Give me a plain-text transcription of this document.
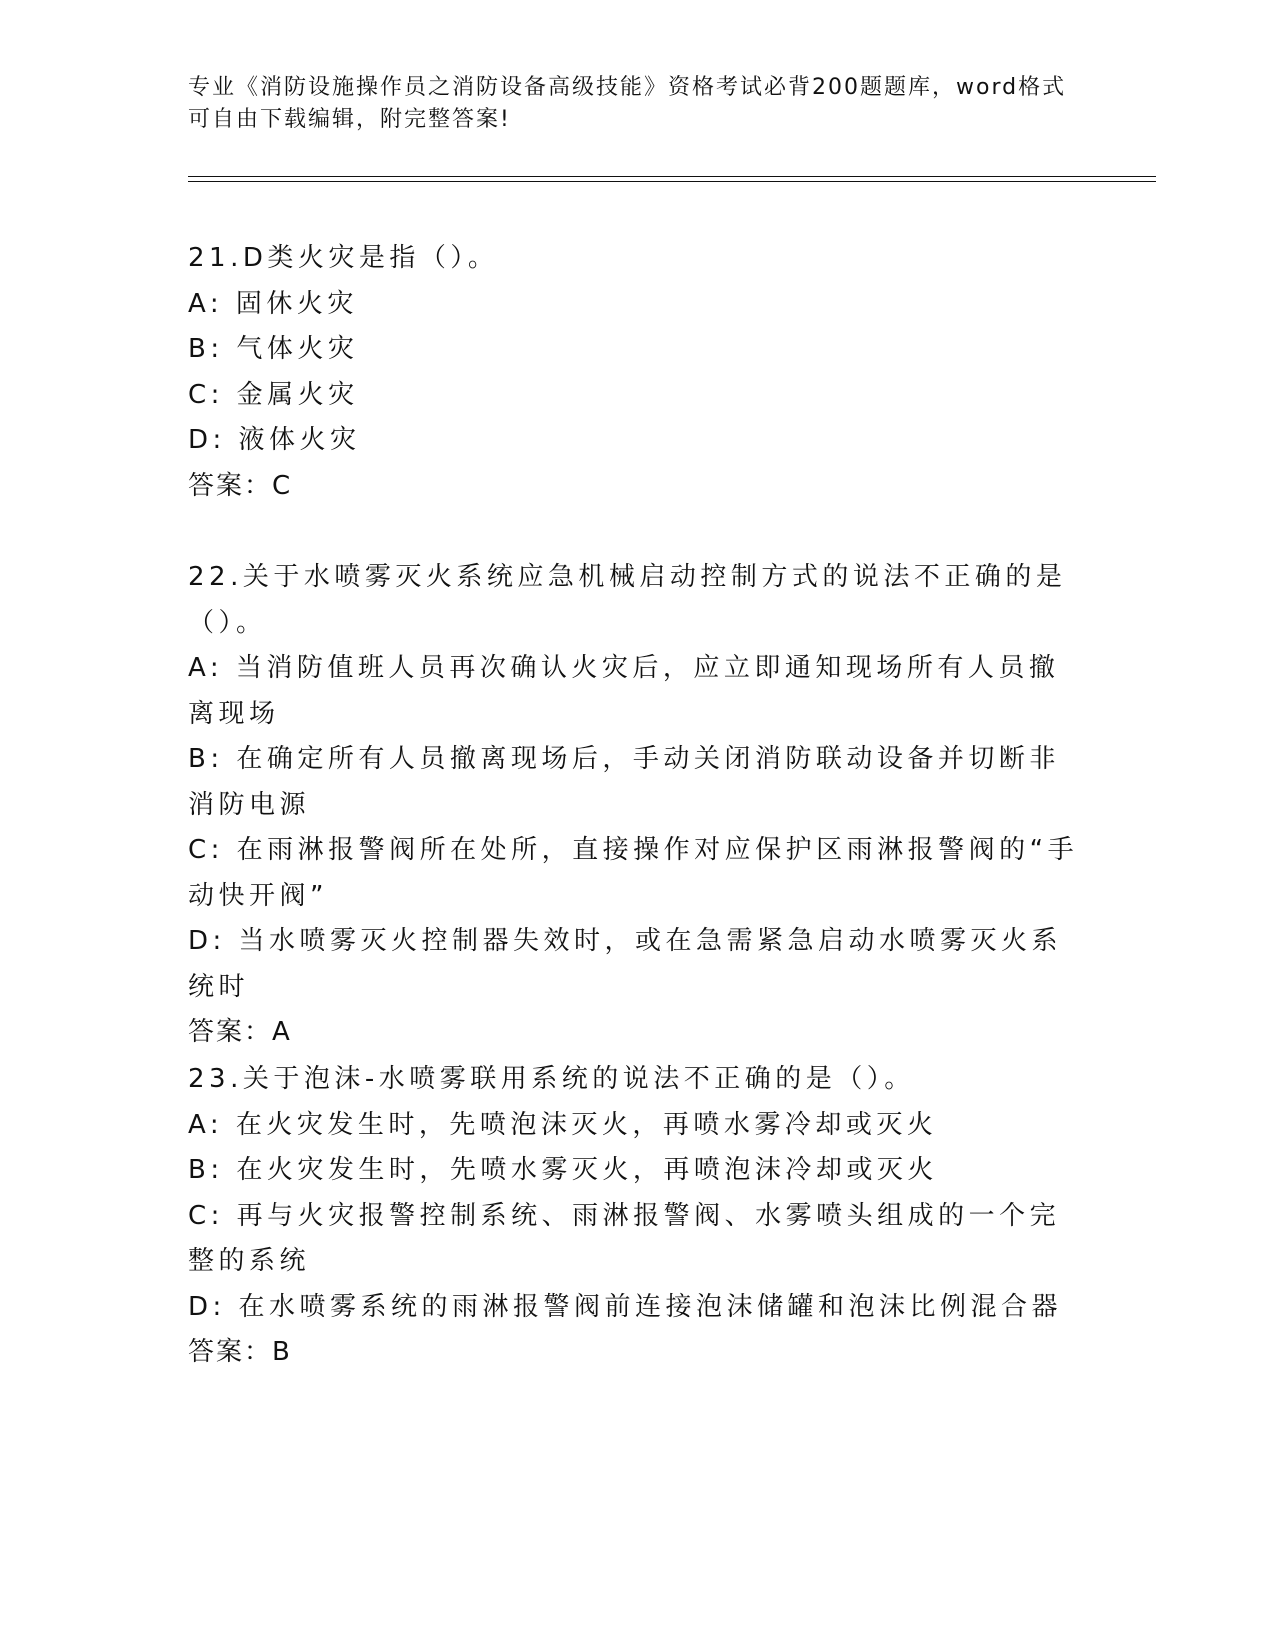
专业《消防设施操作员之消防设备高级技能》资格考试必背200题题库，word格式可自由下载编辑，附完整答案!
21.D类火灾是指（）。
A: 固休火灾
B: 气体火灾
C: 金属火灾
D: 液体火灾
答案：C
22.关于水喷雾灭火系统应急机械启动控制方式的说法不正确的是（）。
A: 当消防值班人员再次确认火灾后，应立即通知现场所有人员撤离现场
B: 在确定所有人员撤离现场后，手动关闭消防联动设备并切断非消防电源
C: 在雨淋报警阀所在处所，直接操作对应保护区雨淋报警阀的“手动快开阀”
D: 当水喷雾灭火控制器失效时，或在急需紧急启动水喷雾灭火系统时
答案：A
23.关于泡沫-水喷雾联用系统的说法不正确的是（）。
A: 在火灾发生时，先喷泡沫灭火，再喷水雾冷却或灭火
B: 在火灾发生时，先喷水雾灭火，再喷泡沫冷却或灭火
C: 再与火灾报警控制系统、雨淋报警阀、水雾喷头组成的一个完整的系统
D: 在水喷雾系统的雨淋报警阀前连接泡沫储罐和泡沫比例混合器
答案：B
